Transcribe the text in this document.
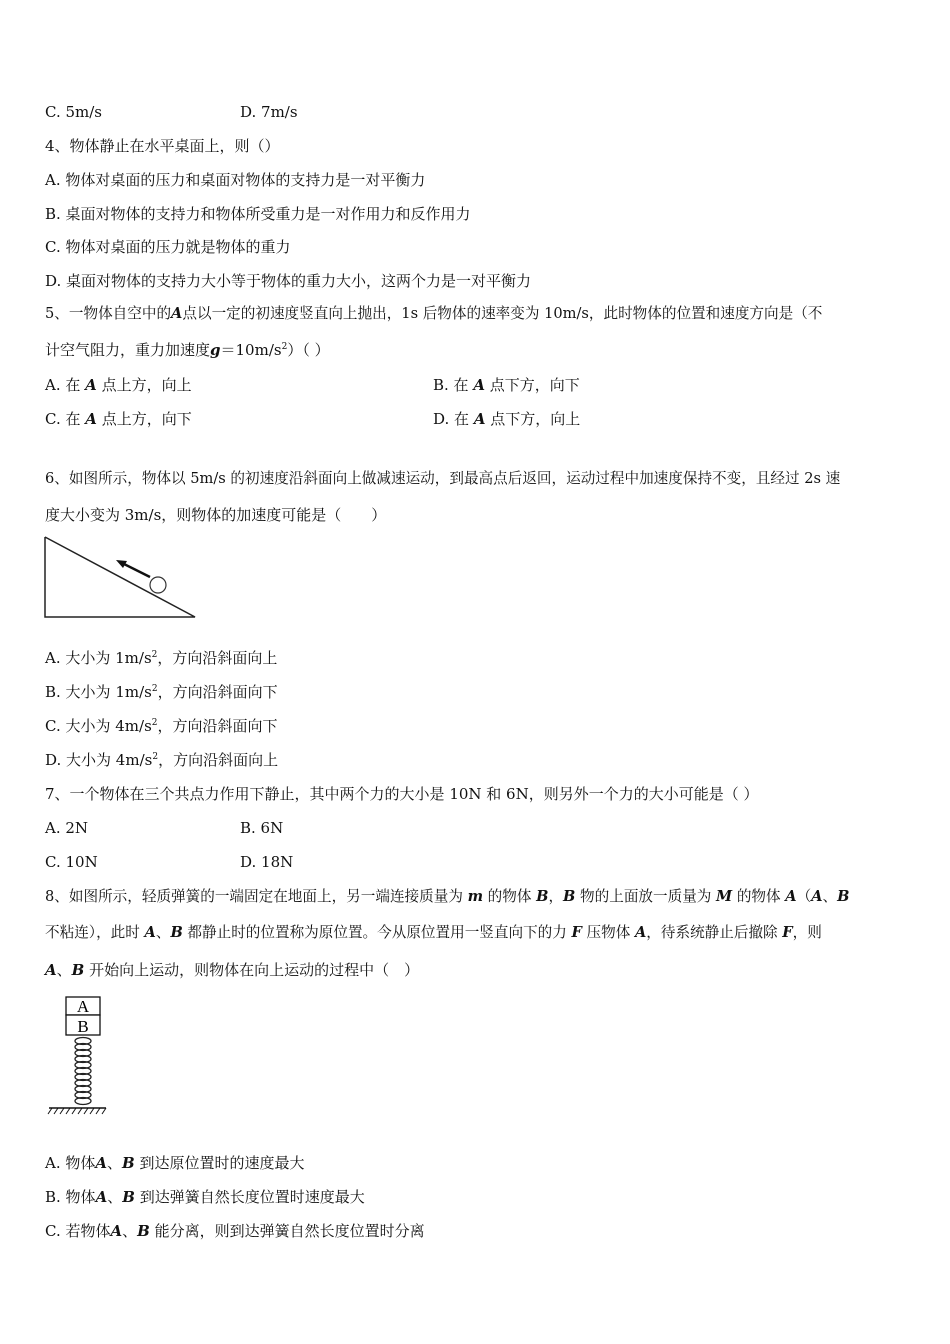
C. 5m/s	D. 7m/s
4、物体静止在水平桌面上，则（）
A. 物体对桌面的压力和桌面对物体的支持力是一对平衡力
B. 桌面对物体的支持力和物体所受重力是一对作用力和反作用力
C. 物体对桌面的压力就是物体的重力
D. 桌面对物体的支持力大小等于物体的重力大小，这两个力是一对平衡力
5、一物体自空中的A点以一定的初速度竖直向上抛出，1s 后物体的速率变为 10m/s，此时物体的位置和速度方向是（不
计空气阻力，重力加速度$g=10m/s^2$）（ ）
A. 在 A 点上方，向上	B. 在 A 点下方，向下
C. 在 A 点上方，向下	D. 在 A 点下方，向上
6、如图所示，物体以 5m/s 的初速度沿斜面向上做减速运动，到最高点后返回，运动过程中加速度保持不变，且经过 2s 速
度大小变为 3m/s，则物体的加速度可能是（　　）
A. 大小为 $1m/s^2$，方向沿斜面向上
B. 大小为 $1m/s^2$，方向沿斜面向下
C. 大小为 $4m/s^2$，方向沿斜面向下
D. 大小为 $4m/s^2$，方向沿斜面向上
7、一个物体在三个共点力作用下静止，其中两个力的大小是 10N 和 6N，则另外一个力的大小可能是（ ）
A. 2N	B. 6N
C. 10N	D. 18N
8、如图所示，轻质弹簧的一端固定在地面上，另一端连接质量为 m 的物体 B，B 物的上面放一质量为 M 的物体 A（A、B
不粘连），此时 A、B 都静止时的位置称为原位置。今从原位置用一竖直向下的力 F 压物体 A，待系统静止后撤除 F，则
A、B 开始向上运动，则物体在向上运动的过程中（　）
A
B
A. 物体A、B 到达原位置时的速度最大
B. 物体A、B 到达弹簧自然长度位置时速度最大
C. 若物体A、B 能分离，则到达弹簧自然长度位置时分离
